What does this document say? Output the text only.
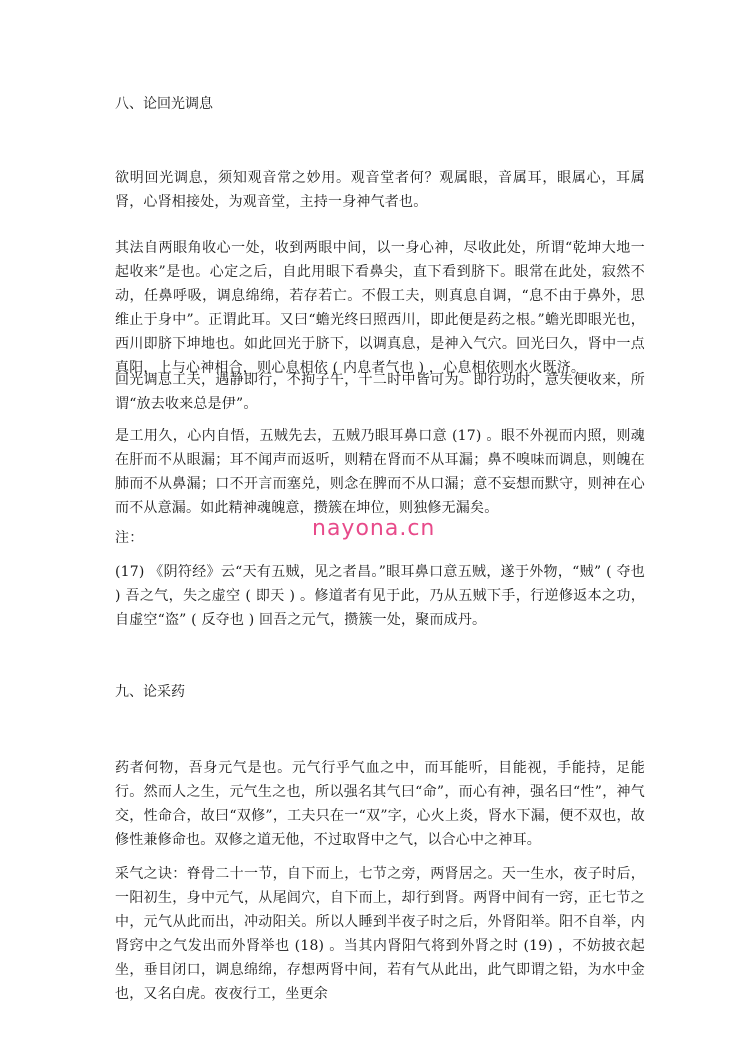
八、论回光调息
欲明回光调息，须知观音常之妙用。观音堂者何？观属眼，音属耳，眼属心，耳属肾，心肾相接处，为观音堂，主持一身神气者也。
其法自两眼角收心一处，收到两眼中间，以一身心神，尽收此处，所谓“乾坤大地一起收来”是也。心定之后，自此用眼下看鼻尖，直下看到脐下。眼常在此处，寂然不动，任鼻呼吸，调息绵绵，若存若亡。不假工夫，则真息自调，“息不由于鼻外，思维止于身中”。正谓此耳。又曰“蟾光终曰照西川，即此便是药之根。”蟾光即眼光也，西川即脐下坤地也。如此回光于脐下，以调真息，是神入气穴。回光曰久，肾中一点真阳，上与心神相合，则心息相依 ( 内息者气也 ) ，心息相依则水火既济。
回光调息工夫，遇静即行，不拘子午，十二时中皆可为。即行功时，意失便收来，所谓“放去收来总是伊”。
是工用久，心内自悟，五贼先去，五贼乃眼耳鼻口意 (17) 。眼不外视而内照，则魂在肝而不从眼漏；耳不闻声而返听，则精在肾而不从耳漏；鼻不嗅味而调息，则魄在肺而不从鼻漏；口不开言而塞兑，则念在脾而不从口漏；意不妄想而默守，则神在心而不从意漏。如此精神魂魄意，攒簇在坤位，则独修无漏矣。
注：
(17) 《阴符经》云“天有五贼，见之者昌。”眼耳鼻口意五贼，遂于外物，“贼” ( 夺也 ) 吾之气，失之虚空 ( 即天 ) 。修道者有见于此，乃从五贼下手，行逆修返本之功，自虚空“盗” ( 反夺也 ) 回吾之元气，攒簇一处，聚而成丹。
九、论采药
药者何物，吾身元气是也。元气行乎气血之中，而耳能听，目能视，手能持，足能行。然而人之生，元气生之也，所以强名其气曰“命”，而心有神，强名曰“性”，神气交，性命合，故曰“双修”，工夫只在一“双”字，心火上炎，肾水下漏，便不双也，故修性兼修命也。双修之道无他，不过取肾中之气，以合心中之神耳。
采气之诀：脊骨二十一节，自下而上，七节之旁，两肾居之。天一生水，夜子时后，一阳初生，身中元气，从尾闾穴，自下而上，却行到肾。两肾中间有一窍，正七节之中，元气从此而出，冲动阳关。所以人睡到半夜子时之后，外肾阳举。阳不自举，内肾窍中之气发出而外肾举也 (18) 。当其内肾阳气将到外肾之时 (19) ，不妨披衣起坐，垂目闭口，调息绵绵，存想两肾中间，若有气从此出，此气即谓之铅，为水中金也，又名白虎。夜夜行工，坐更余
nayona.cn
